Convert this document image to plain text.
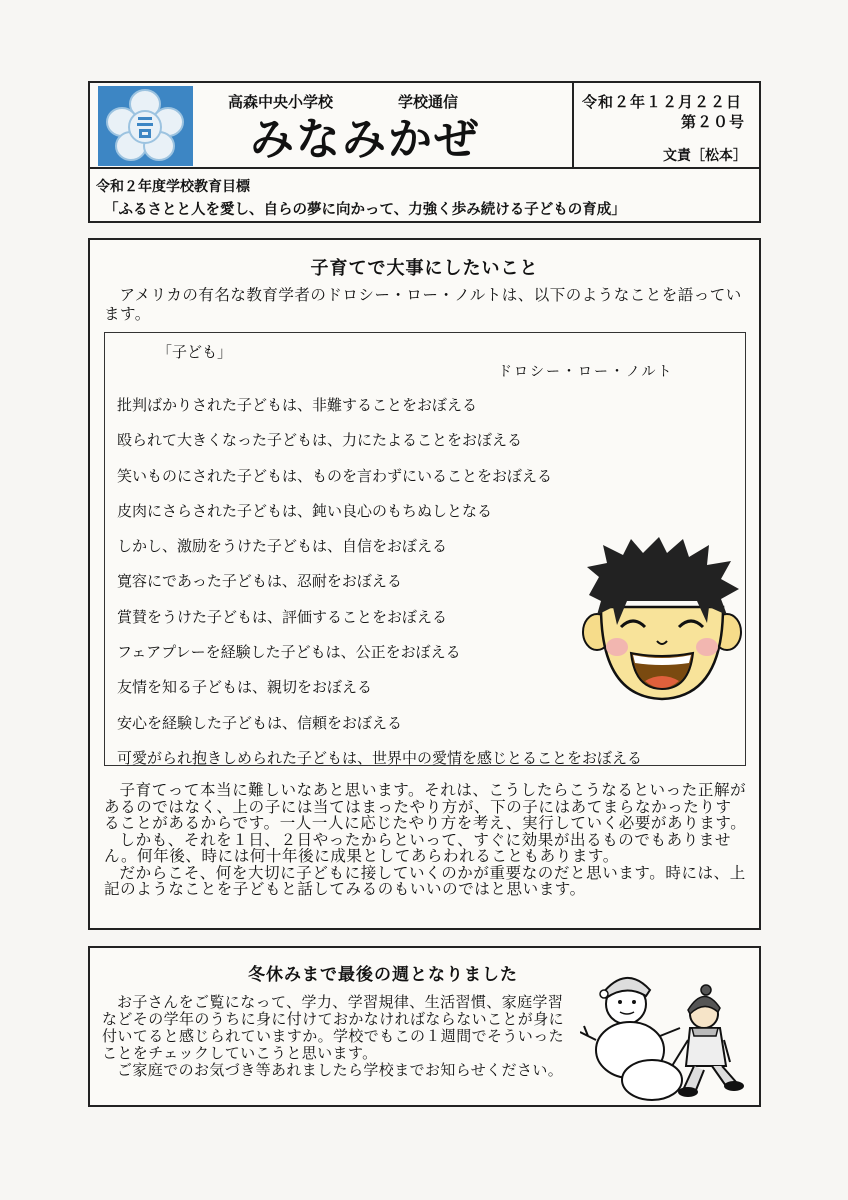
高森中央小学校	学校通信
みなみかぜ
令和２年１２月２２日
第２０号
文責［松本］
令和２年度学校教育目標
「ふるさとと人を愛し、自らの夢に向かって、力強く歩み続ける子どもの育成」
子育てで大事にしたいこと
アメリカの有名な教育学者のドロシー・ロー・ノルトは、以下のようなことを語っています。
「子ども」
ドロシー・ロー・ノルト
批判ばかりされた子どもは、非難することをおぼえる
殴られて大きくなった子どもは、力にたよることをおぼえる
笑いものにされた子どもは、ものを言わずにいることをおぼえる
皮肉にさらされた子どもは、鈍い良心のもちぬしとなる
しかし、激励をうけた子どもは、自信をおぼえる
寛容にであった子どもは、忍耐をおぼえる
賞賛をうけた子どもは、評価することをおぼえる
フェアプレーを経験した子どもは、公正をおぼえる
友情を知る子どもは、親切をおぼえる
安心を経験した子どもは、信頼をおぼえる
可愛がられ抱きしめられた子どもは、世界中の愛情を感じとることをおぼえる

子育てって本当に難しいなあと思います。それは、こうしたらこうなるといった正解があるのではなく、上の子には当てはまったやり方が、下の子にはあてまらなかったりすることがあるからです。一人一人に応じたやり方を考え、実行していく必要があります。

しかも、それを１日、２日やったからといって、すぐに効果が出るものでもありません。何年後、時には何十年後に成果としてあらわれることもあります。

だからこそ、何を大切に子どもに接していくのかが重要なのだと思います。時には、上記のようなことを子どもと話してみるのもいいのではと思います。

冬休みまで最後の週となりました

お子さんをご覧になって、学力、学習規律、生活習慣、家庭学習などその学年のうちに身に付けておかなければならないことが身に付いてると感じられていますか。学校でもこの１週間でそういったことをチェックしていこうと思います。

ご家庭でのお気づき等あれましたら学校までお知らせください。
